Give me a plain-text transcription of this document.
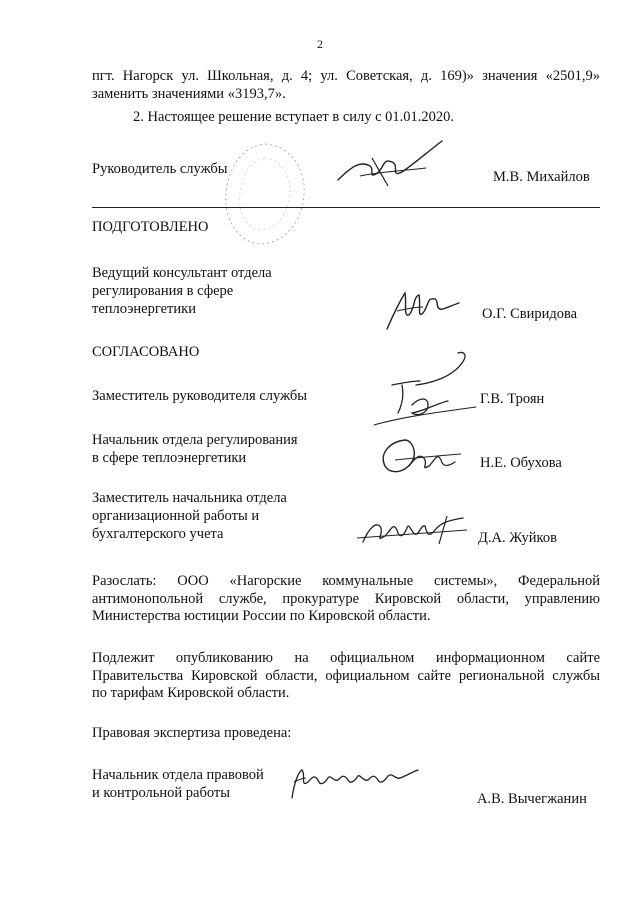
2
пгт. Нагорск ул. Школьная, д. 4; ул. Советская, д. 169)» значения «2501,9»
заменить значениями «3193,7».
2. Настоящее решение вступает в силу с 01.01.2020.
Руководитель службы	М.В. Михайлов
ПОДГОТОВЛЕНО
Ведущий консультант отдела
регулирования в сфере
теплоэнергетики	О.Г. Свиридова
СОГЛАСОВАНО
Заместитель руководителя службы	Г.В. Троян
Начальник отдела регулирования
в сфере теплоэнергетики	Н.Е. Обухова
Заместитель начальника отдела
организационной работы и
бухгалтерского учета	Д.А. Жуйков
Разослать: ООО «Нагорские коммунальные системы», Федеральной
антимонопольной службе, прокуратуре Кировской области, управлению
Министерства юстиции России по Кировской области.
Подлежит опубликованию на официальном информационном сайте
Правительства Кировской области, официальном сайте региональной службы
по тарифам Кировской области.
Правовая экспертиза проведена:
Начальник отдела правовой
и контрольной работы	А.В. Вычегжанин
